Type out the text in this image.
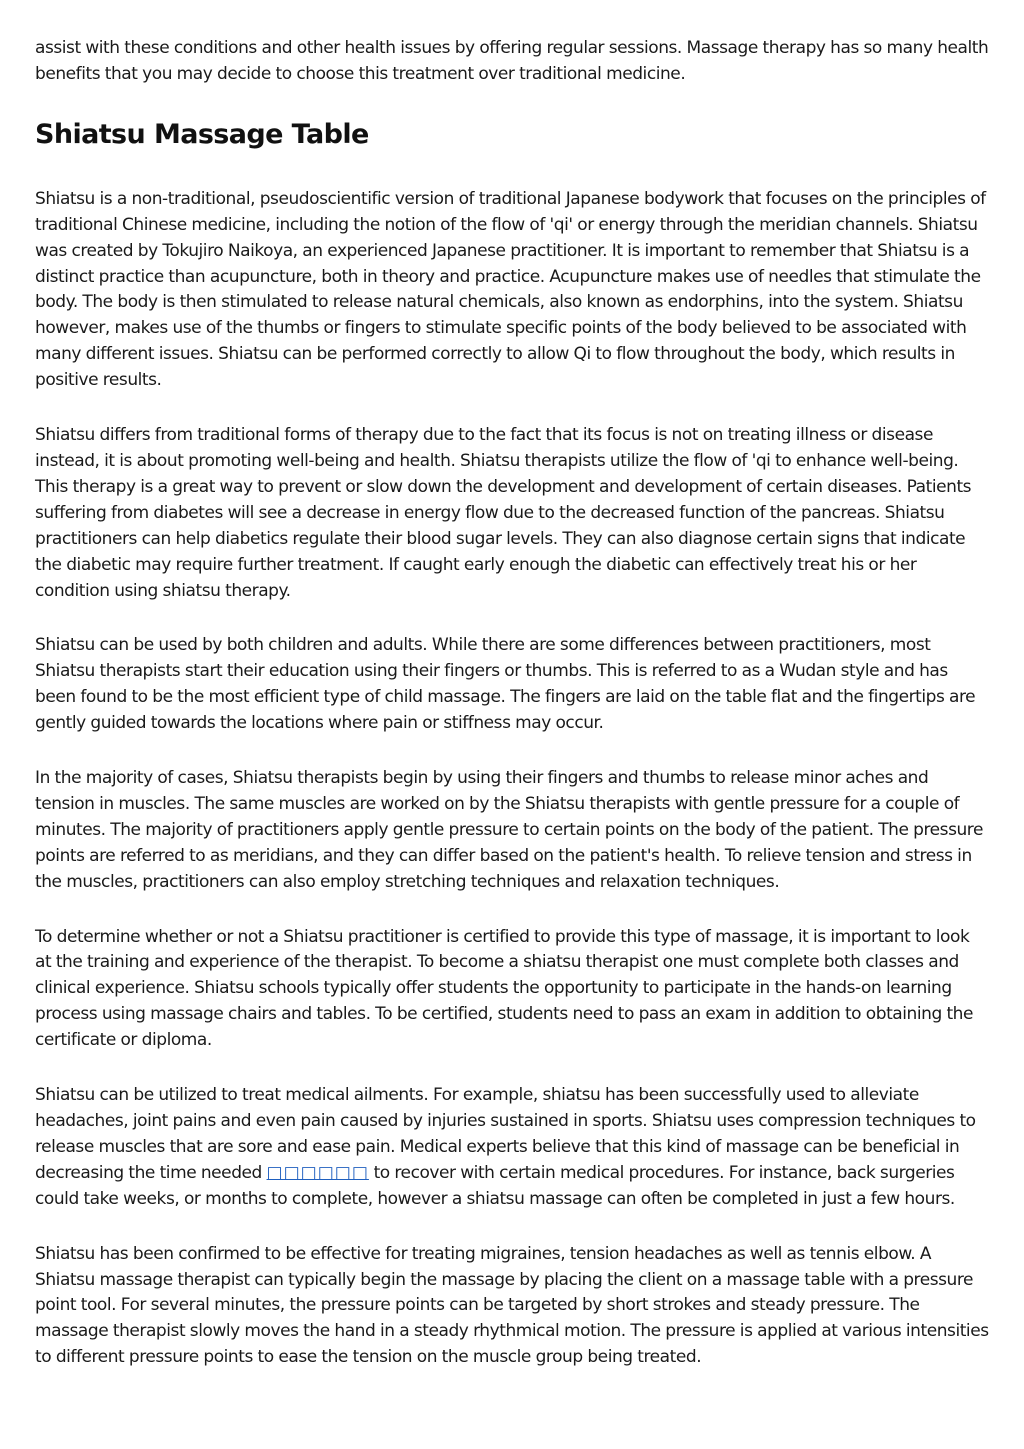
assist with these conditions and other health issues by offering regular sessions. Massage therapy has so many health benefits that you may decide to choose this treatment over traditional medicine.

Shiatsu Massage Table

Shiatsu is a non-traditional, pseudoscientific version of traditional Japanese bodywork that focuses on the principles of traditional Chinese medicine, including the notion of the flow of 'qi' or energy through the meridian channels. Shiatsu was created by Tokujiro Naikoya, an experienced Japanese practitioner. It is important to remember that Shiatsu is a distinct practice than acupuncture, both in theory and practice. Acupuncture makes use of needles that stimulate the body. The body is then stimulated to release natural chemicals, also known as endorphins, into the system. Shiatsu however, makes use of the thumbs or fingers to stimulate specific points of the body believed to be associated with many different issues. Shiatsu can be performed correctly to allow Qi to flow throughout the body, which results in positive results.

Shiatsu differs from traditional forms of therapy due to the fact that its focus is not on treating illness or disease instead, it is about promoting well-being and health. Shiatsu therapists utilize the flow of 'qi to enhance well-being. This therapy is a great way to prevent or slow down the development and development of certain diseases. Patients suffering from diabetes will see a decrease in energy flow due to the decreased function of the pancreas. Shiatsu practitioners can help diabetics regulate their blood sugar levels. They can also diagnose certain signs that indicate the diabetic may require further treatment. If caught early enough the diabetic can effectively treat his or her condition using shiatsu therapy.

Shiatsu can be used by both children and adults. While there are some differences between practitioners, most Shiatsu therapists start their education using their fingers or thumbs. This is referred to as a Wudan style and has been found to be the most efficient type of child massage. The fingers are laid on the table flat and the fingertips are gently guided towards the locations where pain or stiffness may occur.

In the majority of cases, Shiatsu therapists begin by using their fingers and thumbs to release minor aches and tension in muscles. The same muscles are worked on by the Shiatsu therapists with gentle pressure for a couple of minutes. The majority of practitioners apply gentle pressure to certain points on the body of the patient. The pressure points are referred to as meridians, and they can differ based on the patient's health. To relieve tension and stress in the muscles, practitioners can also employ stretching techniques and relaxation techniques.

To determine whether or not a Shiatsu practitioner is certified to provide this type of massage, it is important to look at the training and experience of the therapist. To become a shiatsu therapist one must complete both classes and clinical experience. Shiatsu schools typically offer students the opportunity to participate in the hands-on learning process using massage chairs and tables. To be certified, students need to pass an exam in addition to obtaining the certificate or diploma.

Shiatsu can be utilized to treat medical ailments. For example, shiatsu has been successfully used to alleviate headaches, joint pains and even pain caused by injuries sustained in sports. Shiatsu uses compression techniques to release muscles that are sore and ease pain. Medical experts believe that this kind of massage can be beneficial in decreasing the time needed □□□□□□ to recover with certain medical procedures. For instance, back surgeries could take weeks, or months to complete, however a shiatsu massage can often be completed in just a few hours.

Shiatsu has been confirmed to be effective for treating migraines, tension headaches as well as tennis elbow. A Shiatsu massage therapist can typically begin the massage by placing the client on a massage table with a pressure point tool. For several minutes, the pressure points can be targeted by short strokes and steady pressure. The massage therapist slowly moves the hand in a steady rhythmical motion. The pressure is applied at various intensities to different pressure points to ease the tension on the muscle group being treated.
